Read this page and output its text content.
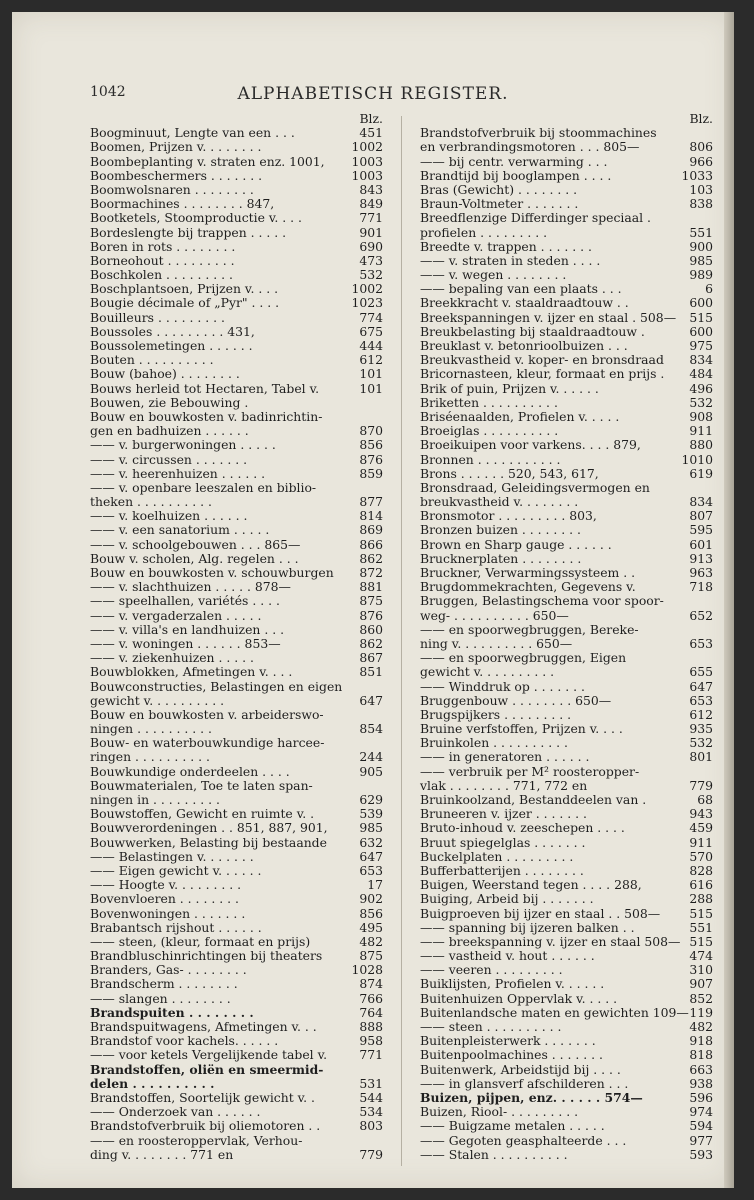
1042	ALPHABETISCH REGISTER.
Blz.
Boogminuut, Lengte van een . . .	451
Boomen, Prijzen v. . . . . . . .	1002
Boombeplanting v. straten enz. 1001, 1003
Boombeschermers . . . . . . .	1003
Boomwolsnaren . . . . . . . .	843
Boormachines . . . . . . . . 847,	849
Bootketels, Stoomproductie v. . . .	771
Bordeslengte bij trappen . . . . .	901
Boren in rots . . . . . . . .	690
Borneohout . . . . . . . . .	473
Boschkolen . . . . . . . . .	532
Boschplantsoen, Prijzen v. . . .	1002
Bougie décimale of „Pyr" . . . .	1023
Bouilleurs . . . . . . . . .	774
Boussoles . . . . . . . . . 431,	675
Boussolemetingen . . . . . .	444
Bouten . . . . . . . . . .	612
Bouw (bahoe) . . . . . . . .	101
Bouws herleid tot Hectaren, Tabel v.	101
Bouwen, zie Bebouwing .
Bouw en bouwkosten v. badinrichtin-
gen en badhuizen . . . . . .	870
—— v. burgerwoningen . . . . .	856
—— v. circussen . . . . . . .	876
—— v. heerenhuizen . . . . . .	859
—— v. openbare leeszalen en biblio-
theken . . . . . . . . . .	877
—— v. koelhuizen . . . . . .	814
—— v. een sanatorium . . . . .	869
—— v. schoolgebouwen . . . 865—	866
Bouw v. scholen, Alg. regelen . . .	862
Bouw en bouwkosten v. schouwburgen 872
—— v. slachthuizen . . . . . 878—	881
—— speelhallen, variétés . . . .	875
—— v. vergaderzalen . . . . .	876
—— v. villa's en landhuizen . . .	860
—— v. woningen . . . . . . 853—	862
—— v. ziekenhuizen . . . . .	867
Bouwblokken, Afmetingen v. . . .	851
Bouwconstructies, Belastingen en eigen
gewicht v. . . . . . . . . .	647
Bouw en bouwkosten v. arbeiderswo-
ningen . . . . . . . . . .	854
Bouw- en waterbouwkundige harcee-
ringen . . . . . . . . . .	244
Bouwkundige onderdeelen . . . .	905
Bouwmaterialen, Toe te laten span-
ningen in . . . . . . . . .	629
Bouwstoffen, Gewicht en ruimte v. .	539
Bouwverordeningen . . 851, 887, 901,	985
Bouwwerken, Belasting bij bestaande	632
—— Belastingen v. . . . . . .	647
—— Eigen gewicht v. . . . . .	653
—— Hoogte v. . . . . . . . .	17
Bovenvloeren . . . . . . . .	902
Bovenwoningen . . . . . . .	856
Brabantsch rijshout . . . . . .	495
—— steen, (kleur, formaat en prijs)	482
Brandbluschinrichtingen bij theaters	875
Branders, Gas- . . . . . . . .	1028
Brandscherm . . . . . . . .	874
—— slangen . . . . . . . .	766
Brandspuiten . . . . . . . .	764
Brandspuitwagens, Afmetingen v. . .	888
Brandstof voor kachels. . . . . .	958
—— voor ketels Vergelijkende tabel v.	771
Brandstoffen, oliën en smeermid-
delen . . . . . . . . . .	531
Brandstoffen, Soortelijk gewicht v. .	544
—— Onderzoek van . . . . . .	534
Brandstofverbruik bij oliemotoren . .	803
—— en roosteroppervlak, Verhou-
ding v. . . . . . . . 771 en	779
Blz.
Brandstofverbruik bij stoommachines
en verbrandingsmotoren . . . 805—	806
—— bij centr. verwarming . . .	966
Brandtijd bij booglampen . . . .	1033
Bras (Gewicht) . . . . . . . .	103
Braun-Voltmeter . . . . . . .	838
Breedflenzige Differdinger speciaal .
profielen . . . . . . . . .	551
Breedte v. trappen . . . . . . .	900
—— v. straten in steden . . . .	985
—— v. wegen . . . . . . . .	989
—— bepaling van een plaats . . .	6
Breekkracht v. staaldraadtouw . .	600
Breekspanningen v. ijzer en staal . 508— 515
Breukbelasting bij staaldraadtouw .	600
Breuklast v. betonrioolbuizen . . .	975
Breukvastheid v. koper- en bronsdraad 834
Bricornasteen, kleur, formaat en prijs . 484
Brik of puin, Prijzen v. . . . . .	496
Briketten . . . . . . . . . .	532
Briséenaalden, Profielen v. . . . .	908
Broeiglas . . . . . . . . . .	911
Broeikuipen voor varkens. . . . 879,	880
Bronnen . . . . . . . . . . .	1010
Brons . . . . . . 520, 543, 617,	619
Bronsdraad, Geleidingsvermogen en
breukvastheid v. . . . . . . .	834
Bronsmotor . . . . . . . . . 803,	807
Bronzen buizen . . . . . . . .	595
Brown en Sharp gauge . . . . . .	601
Brucknerplaten . . . . . . . .	913
Bruckner, Verwarmingssysteem . .	963
Brugdommekrachten, Gegevens v.	718
Bruggen, Belastingschema voor spoor-
weg- . . . . . . . . . . 650—	652
—— en spoorwegbruggen, Bereke-
ning v. . . . . . . . . . 650—	653
—— en spoorwegbruggen, Eigen
gewicht v. . . . . . . . . .	655
—— Winddruk op . . . . . . .	647
Bruggenbouw . . . . . . . . 650—	653
Brugspijkers . . . . . . . . .	612
Bruine verfstoffen, Prijzen v. . . .	935
Bruinkolen . . . . . . . . . .	532
—— in generatoren . . . . . .	801
—— verbruik per M² roosteropper-
vlak . . . . . . . . 771, 772 en	779
Bruinkoolzand, Bestanddeelen van .	68
Bruneeren v. ijzer . . . . . . .	943
Bruto-inhoud v. zeeschepen . . . .	459
Bruut spiegelglas . . . . . . .	911
Buckelplaten . . . . . . . . .	570
Bufferbatterijen . . . . . . . .	828
Buigen, Weerstand tegen . . . . 288,	616
Buiging, Arbeid bij . . . . . . .	288
Buigproeven bij ijzer en staal . . 508— 515
—— spanning bij ijzeren balken . .	551
—— breekspanning v. ijzer en staal 508— 515
—— vastheid v. hout . . . . . .	474
—— veeren . . . . . . . . .	310
Buiklijsten, Profielen v. . . . . .	907
Buitenhuizen Oppervlak v. . . . .	852
Buitenlandsche maten en gewichten 109— 119
—— steen . . . . . . . . . .	482
Buitenpleisterwerk . . . . . . .	918
Buitenpoolmachines . . . . . . .	818
Buitenwerk, Arbeidstijd bij . . . .	663
—— in glansverf afschilderen . . .	938
Buizen, pijpen, enz. . . . . . 574—	596
Buizen, Riool- . . . . . . . . .	974
—— Buigzame metalen . . . . .	594
—— Gegoten geasphalteerde . . .	977
—— Stalen . . . . . . . . . .	593
